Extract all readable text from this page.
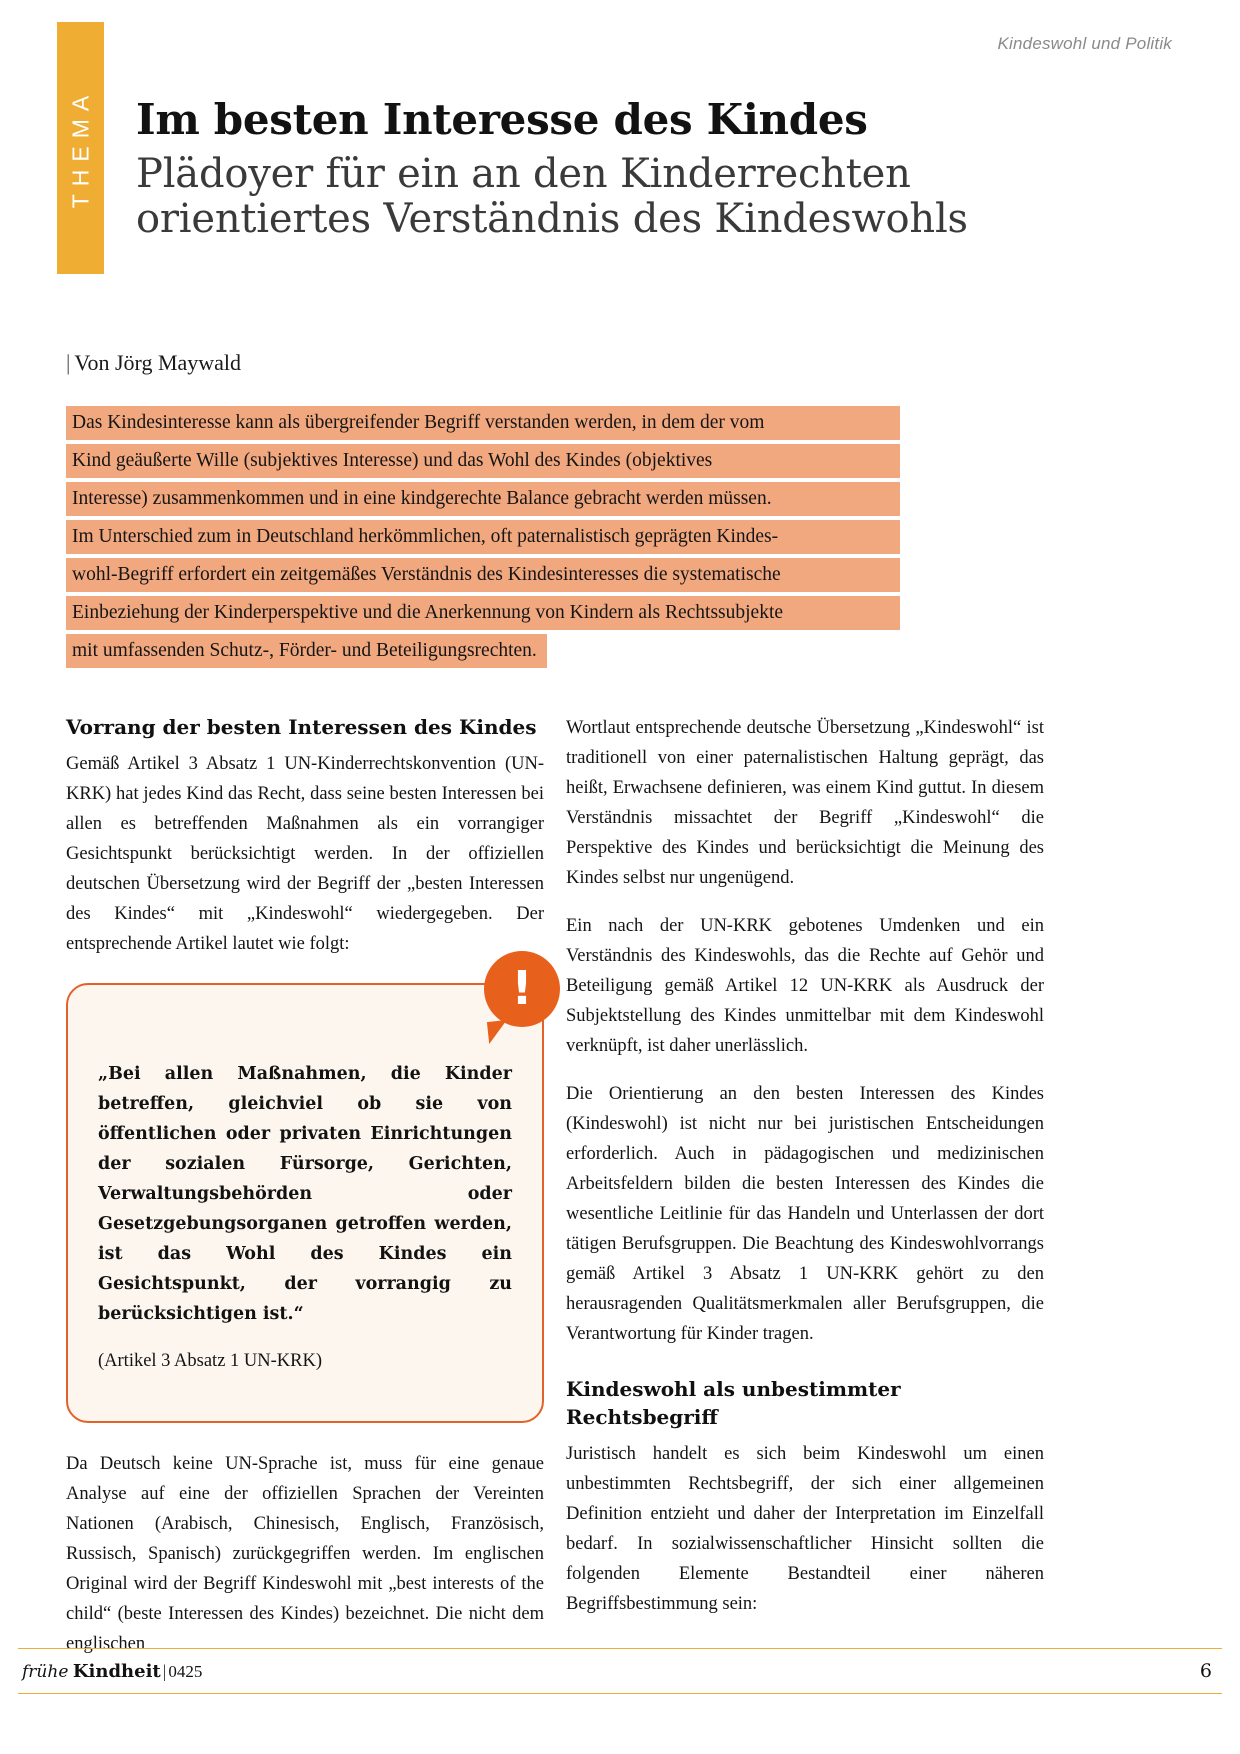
Kindeswohl und Politik
THEMA Im besten Interesse des Kindes
Plädoyer für ein an den Kinderrechten
orientiertes Verständnis des Kindeswohls
| Von Jörg Maywald
Das Kindesinteresse kann als übergreifender Begriff verstanden werden, in dem der vom
Kind geäußerte Wille (subjektives Interesse) und das Wohl des Kindes (objektives
Interesse) zusammenkommen und in eine kindgerechte Balance gebracht werden müssen.
Im Unterschied zum in Deutschland herkömmlichen, oft paternalistisch geprägten Kindes-
wohl-Begriff erfordert ein zeitgemäßes Verständnis des Kindesinteresses die systematische
Einbeziehung der Kinderperspektive und die Anerkennung von Kindern als Rechtssubjekte
mit umfassenden Schutz-, Förder- und Beteiligungsrechten.
Vorrang der besten Interessen des Kindes

Gemäß Artikel 3 Absatz 1 UN-Kinderrechtskonvention (UN-KRK) hat jedes Kind das Recht, dass seine besten Interessen bei allen es betreffenden Maßnahmen als ein vorrangiger Gesichtspunkt berücksichtigt werden. In der offiziellen deutschen Übersetzung wird der Begriff der „besten Interessen des Kindes“ mit „Kindeswohl“ wiedergegeben. Der entsprechende Artikel lautet wie folgt:

!

„Bei allen Maßnahmen, die Kinder betreffen, gleichviel ob sie von öffentlichen oder privaten Einrichtungen der sozialen Fürsorge, Gerichten, Verwaltungsbehörden oder Gesetzgebungsorganen getroffen werden, ist das Wohl des Kindes ein Gesichtspunkt, der vorrangig zu berücksichtigen ist.“

(Artikel 3 Absatz 1 UN-KRK)

Da Deutsch keine UN-Sprache ist, muss für eine genaue Analyse auf eine der offiziellen Sprachen der Vereinten Nationen (Arabisch, Chinesisch, Englisch, Französisch, Russisch, Spanisch) zurückgegriffen werden. Im englischen Original wird der Begriff Kindeswohl mit „best interests of the child“ (beste Interessen des Kindes) bezeichnet. Die nicht dem englischen

Wortlaut entsprechende deutsche Übersetzung „Kindeswohl“ ist traditionell von einer paternalistischen Haltung geprägt, das heißt, Erwachsene definieren, was einem Kind guttut. In diesem Verständnis missachtet der Begriff „Kindeswohl“ die Perspektive des Kindes und berücksichtigt die Meinung des Kindes selbst nur ungenügend.

Ein nach der UN-KRK gebotenes Umdenken und ein Verständnis des Kindeswohls, das die Rechte auf Gehör und Beteiligung gemäß Artikel 12 UN-KRK als Ausdruck der Subjektstellung des Kindes unmittelbar mit dem Kindeswohl verknüpft, ist daher unerlässlich.

Die Orientierung an den besten Interessen des Kindes (Kindeswohl) ist nicht nur bei juristischen Entscheidungen erforderlich. Auch in pädagogischen und medizinischen Arbeitsfeldern bilden die besten Interessen des Kindes die wesentliche Leitlinie für das Handeln und Unterlassen der dort tätigen Berufsgruppen. Die Beachtung des Kindeswohlvorrangs gemäß Artikel 3 Absatz 1 UN-KRK gehört zu den herausragenden Qualitätsmerkmalen aller Berufsgruppen, die Verantwortung für Kinder tragen.

Kindeswohl als unbestimmter Rechtsbegriff

Juristisch handelt es sich beim Kindeswohl um einen unbestimmten Rechtsbegriff, der sich einer allgemeinen Definition entzieht und daher der Interpretation im Einzelfall bedarf. In sozialwissenschaftlicher Hinsicht sollten die folgenden Elemente Bestandteil einer näheren Begriffsbestimmung sein:

frühe Kindheit | 0425	6
